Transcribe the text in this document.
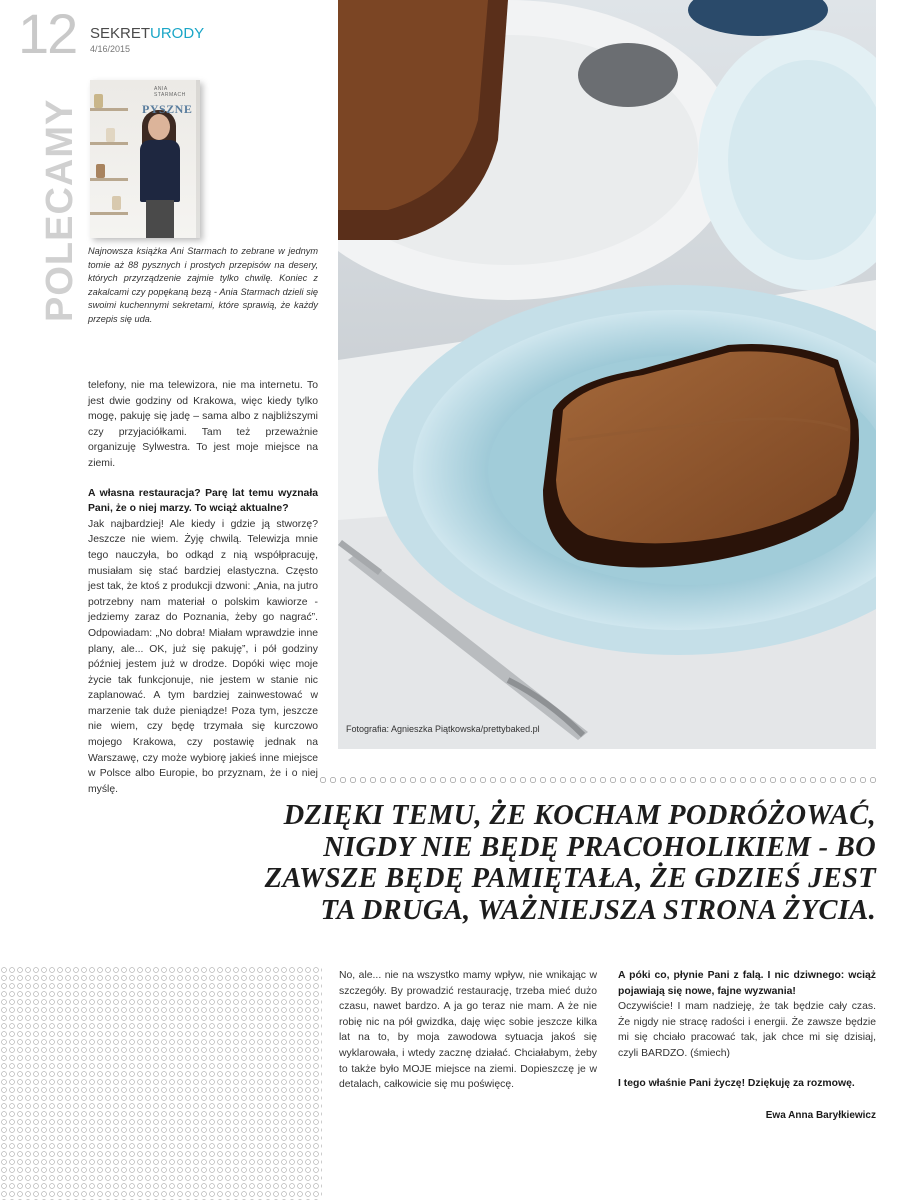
12 SEKRETURODY
4/16/2015
POLECAMY
ANIA STARMACH
PYSZNE
Najnowsza książka Ani Starmach to zebrane w jednym tomie aż 88 pysznych i prostych przepisów na desery, których przyrządzenie zajmie tylko chwilę. Koniec z zakalcami czy popękaną bezą - Ania Starmach dzieli się swoimi kuchennymi sekretami, które sprawią, że każdy przepis się uda.

telefony, nie ma telewizora, nie ma internetu. To jest dwie godziny od Krakowa, więc kiedy tylko mogę, pakuję się jadę – sama albo z najbliższymi czy przyjaciółkami. Tam też przeważnie organizuję Sylwestra. To jest moje miejsce na ziemi.

A własna restauracja? Parę lat temu wyznała Pani, że o niej marzy. To wciąż aktualne?

Jak najbardziej! Ale kiedy i gdzie ją stworzę? Jeszcze nie wiem. Żyję chwilą. Telewizja mnie tego nauczyła, bo odkąd z nią współpracuję, musiałam się stać bardziej elastyczna. Często jest tak, że ktoś z produkcji dzwoni: „Ania, na jutro potrzebny nam materiał o polskim kawiorze - jedziemy zaraz do Poznania, żeby go nagrać”. Odpowiadam: „No dobra! Miałam wprawdzie inne plany, ale... OK, już się pakuję”, i pół godziny później jestem już w drodze. Dopóki więc moje życie tak funkcjonuje, nie jestem w stanie nic zaplanować. A tym bardziej zainwestować w marzenie tak duże pieniądze! Poza tym, jeszcze nie wiem, czy będę trzymała się kurczowo mojego Krakowa, czy postawię jednak na Warszawę, czy może wybiorę jakieś inne miejsce w Polsce albo Europie, bo przyznam, że i o niej myślę.

Fotografia: Agnieszka Piątkowska/prettybaked.pl
DZIĘKI TEMU, ŻE KOCHAM PODRÓŻOWAĆ,
NIGDY NIE BĘDĘ PRACOHOLIKIEM - BO
ZAWSZE BĘDĘ PAMIĘTAŁA, ŻE GDZIEŚ JEST
TA DRUGA, WAŻNIEJSZA STRONA ŻYCIA.

No, ale... nie na wszystko mamy wpływ, nie wnikając w szczegóły. By prowadzić restaurację, trzeba mieć dużo czasu, nawet bardzo. A ja go teraz nie mam. A że nie robię nic na pół gwizdka, daję więc sobie jeszcze kilka lat na to, by moja zawodowa sytuacja jakoś się wyklarowała, i wtedy zacznę działać. Chciałabym, żeby to także było MOJE miejsce na ziemi. Dopieszczę je w detalach, całkowicie się mu poświęcę.

A póki co, płynie Pani z falą. I nic dziwnego: wciąż pojawiają się nowe, fajne wyzwania!

Oczywiście! I mam nadzieję, że tak będzie cały czas. Że nigdy nie stracę radości i energii. Że zawsze będzie mi się chciało pracować tak, jak chce mi się dzisiaj, czyli BARDZO. (śmiech)

I tego właśnie Pani życzę! Dziękuję za rozmowę.

Ewa Anna Baryłkiewicz
